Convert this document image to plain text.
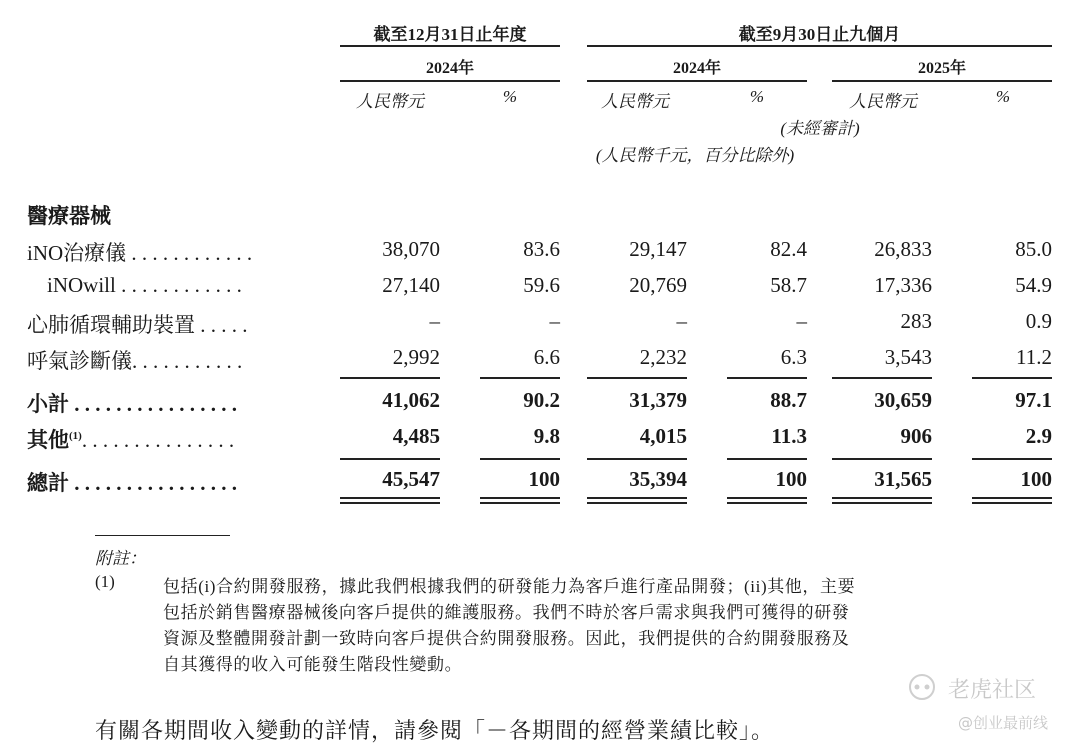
截至12月31日止年度	截至9月30日止九個月
2024年	2024年	2025年
人民幣元	%	人民幣元	%	人民幣元	%
(未經審計)
(人民幣千元，百分比除外)
醫療器械
iNO治療儀 . . . . . . . . . . . .	38,070	83.6	29,147	82.4	26,833	85.0
iNOwill . . . . . . . . . . . .	27,140	59.6	20,769	58.7	17,336	54.9
心肺循環輔助裝置 . . . . .	–	–	–	–	283	0.9
呼氣診斷儀. . . . . . . . . . .	2,992	6.6	2,232	6.3	3,543	11.2
小計 . . . . . . . . . . . . . . . .	41,062	90.2	31,379	88.7	30,659	97.1
其他$^{(1)}$. . . . . . . . . . . . . . .	4,485	9.8	4,015	11.3	906	2.9
總計 . . . . . . . . . . . . . . . .	45,547	100	35,394	100	31,565	100
附註：
(1)	包括(i)合約開發服務，據此我們根據我們的研發能力為客戶進行產品開發；(ii)其他，主要
包括於銷售醫療器械後向客戶提供的維護服務。我們不時於客戶需求與我們可獲得的研發
資源及整體開發計劃一致時向客戶提供合約開發服務。因此，我們提供的合約開發服務及
自其獲得的收入可能發生階段性變動。
有關各期間收入變動的詳情，請參閱「－各期間的經營業績比較」。
老虎社区
@创业最前线
